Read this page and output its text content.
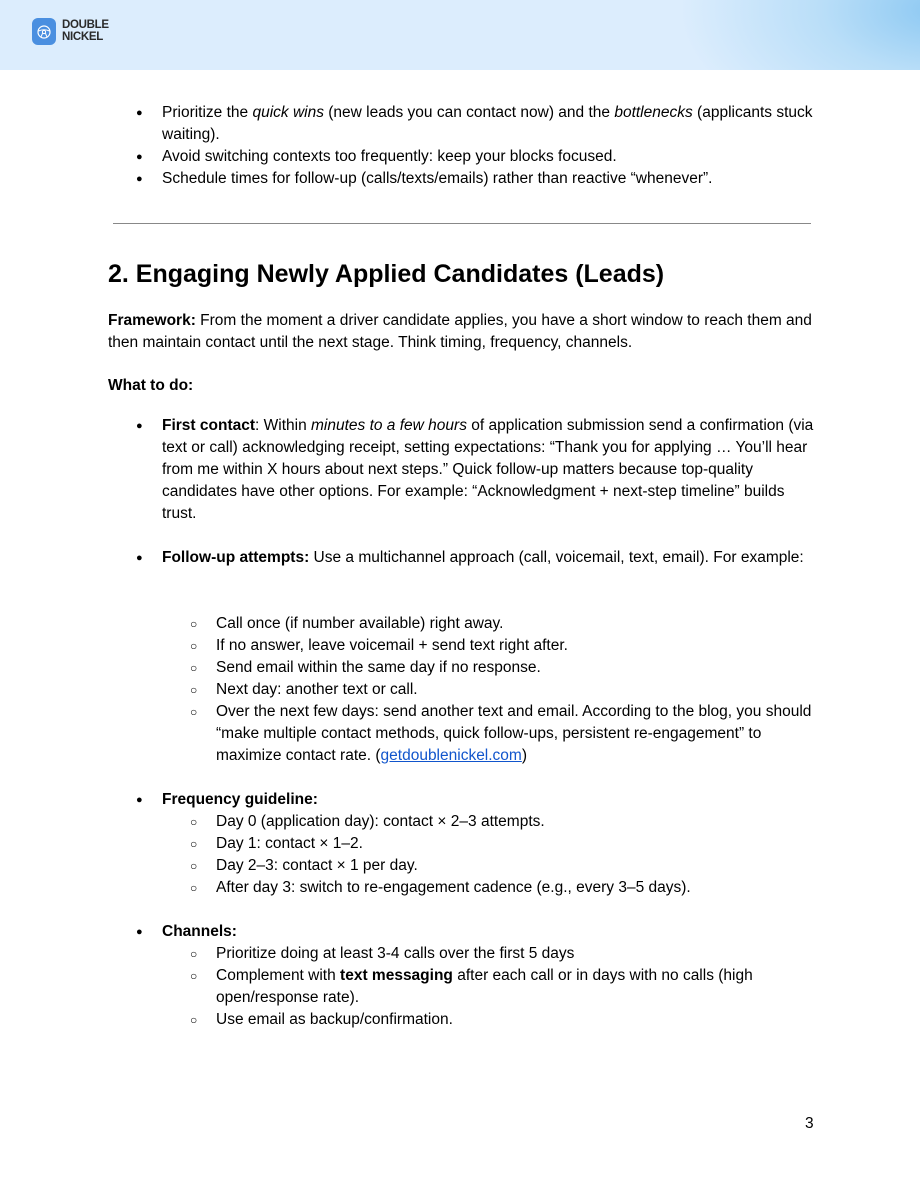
DOUBLE
NICKEL
● Prioritize the quick wins (new leads you can contact now) and the bottlenecks (applicants stuck waiting).
● Avoid switching contexts too frequently: keep your blocks focused.
● Schedule times for follow-up (calls/texts/emails) rather than reactive “whenever”.
2. Engaging Newly Applied Candidates (Leads)

Framework: From the moment a driver candidate applies, you have a short window to reach them and then maintain contact until the next stage. Think timing, frequency, channels.

What to do:

● First contact: Within minutes to a few hours of application submission send a confirmation (via text or call) acknowledging receipt, setting expectations: “Thank you for applying … You’ll hear from me within X hours about next steps.” Quick follow-up matters because top-quality candidates have other options. For example: “Acknowledgment + next-step timeline” builds trust.
● Follow-up attempts: Use a multichannel approach (call, voicemail, text, email). For example:
○ Call once (if number available) right away.
○ If no answer, leave voicemail + send text right after.
○ Send email within the same day if no response.
○ Next day: another text or call.
○ Over the next few days: send another text and email. According to the blog, you should “make multiple contact methods, quick follow-ups, persistent re-engagement” to maximize contact rate. (getdoublenickel.com)
● Frequency guideline:
○ Day 0 (application day): contact × 2–3 attempts.
○ Day 1: contact × 1–2.
○ Day 2–3: contact × 1 per day.
○ After day 3: switch to re-engagement cadence (e.g., every 3–5 days).
● Channels:
○ Prioritize doing at least 3-4 calls over the first 5 days
○ Complement with text messaging after each call or in days with no calls (high open/response rate).
○ Use email as backup/confirmation.
3
